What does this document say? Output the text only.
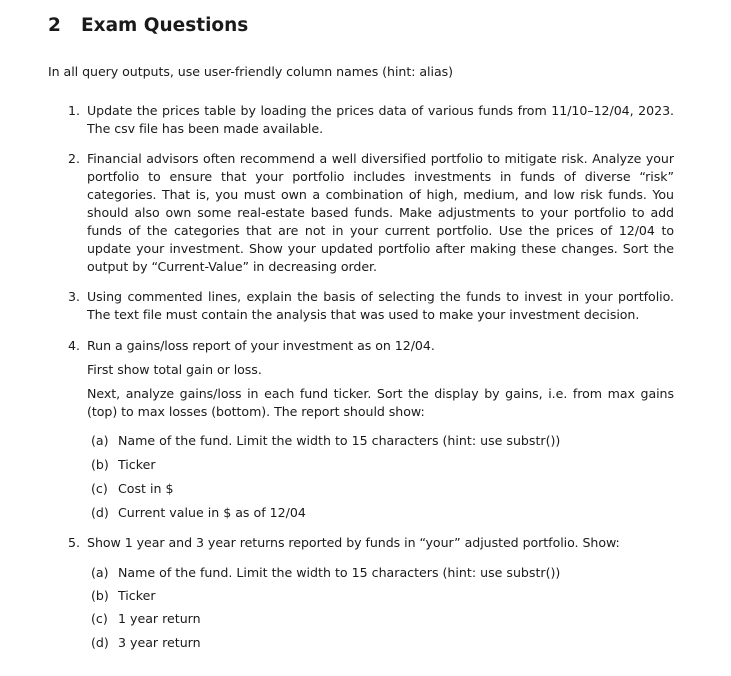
2 Exam Questions
In all query outputs, use user-friendly column names (hint: alias)
1. Update the prices table by loading the prices data of various funds from 11/10–12/04, 2023. The csv file has been made available.
2. Financial advisors often recommend a well diversified portfolio to mitigate risk. Analyze your portfolio to ensure that your portfolio includes investments in funds of diverse “risk” categories. That is, you must own a combination of high, medium, and low risk funds. You should also own some real-estate based funds. Make adjustments to your portfolio to add funds of the categories that are not in your current portfolio. Use the prices of 12/04 to update your investment. Show your updated portfolio after making these changes. Sort the output by “Current-Value” in decreasing order.
3. Using commented lines, explain the basis of selecting the funds to invest in your portfolio. The text file must contain the analysis that was used to make your investment decision.
4. Run a gains/loss report of your investment as on 12/04.
First show total gain or loss.
Next, analyze gains/loss in each fund ticker. Sort the display by gains, i.e. from max gains (top) to max losses (bottom). The report should show:
(a) Name of the fund. Limit the width to 15 characters (hint: use substr())
(b) Ticker
(c) Cost in $
(d) Current value in $ as of 12/04
5. Show 1 year and 3 year returns reported by funds in “your” adjusted portfolio. Show:
(a) Name of the fund. Limit the width to 15 characters (hint: use substr())
(b) Ticker
(c) 1 year return
(d) 3 year return
